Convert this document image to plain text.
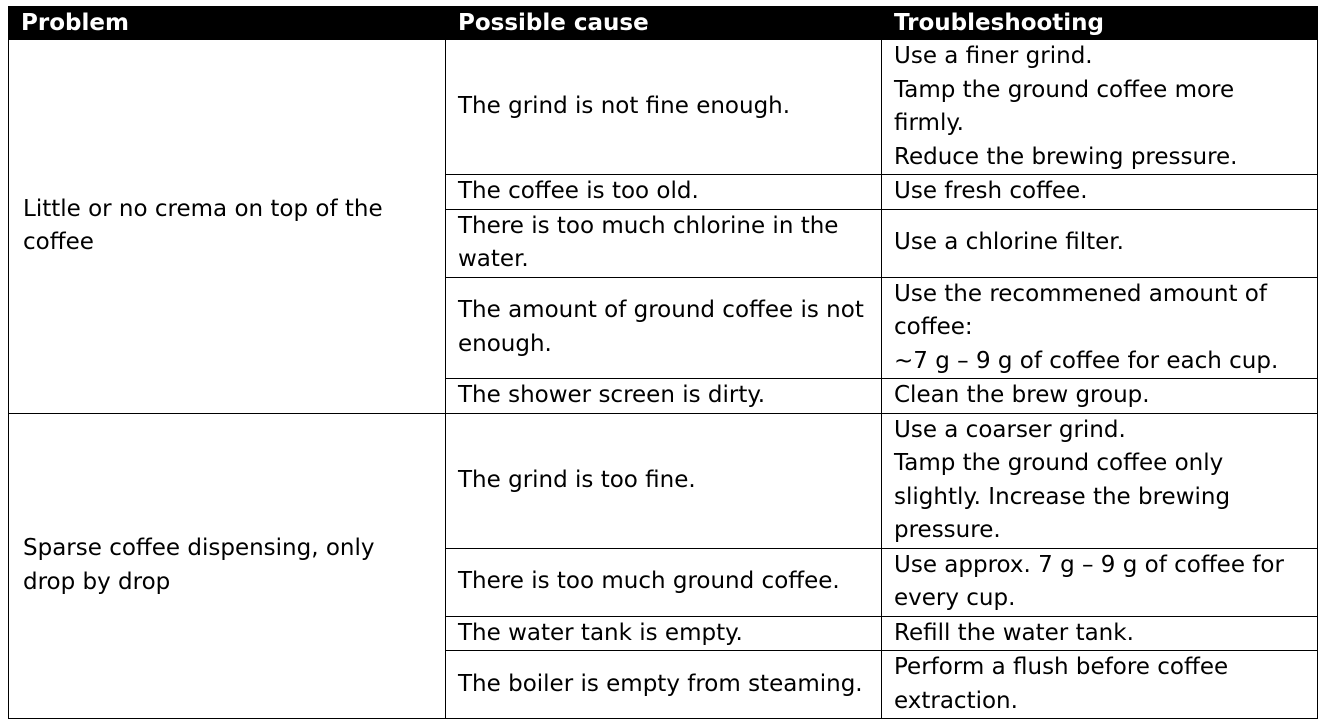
Problem	Possible cause	Troubleshooting
Little or no crema on top of the coffee	The grind is not fine enough.	Use a finer grind.
Tamp the ground coffee more firmly.
Reduce the brewing pressure.

	The coffee is too old.	Use fresh coffee.
	There is too much chlorine in the water.	Use a chlorine filter.
	The amount of ground coffee is not enough.	Use the recommened amount of coffee:
~7 g – 9 g of coffee for each cup.

	The shower screen is dirty.	Clean the brew group.
Sparse coffee dispensing, only drop by drop	The grind is too fine.	Use a coarser grind.
Tamp the ground coffee only slightly. Increase the brewing pressure.

	There is too much ground coffee.	Use approx. 7 g – 9 g of coffee for every cup.
	The water tank is empty.	Refill the water tank.
	The boiler is empty from steaming.	Perform a flush before coffee extraction.
